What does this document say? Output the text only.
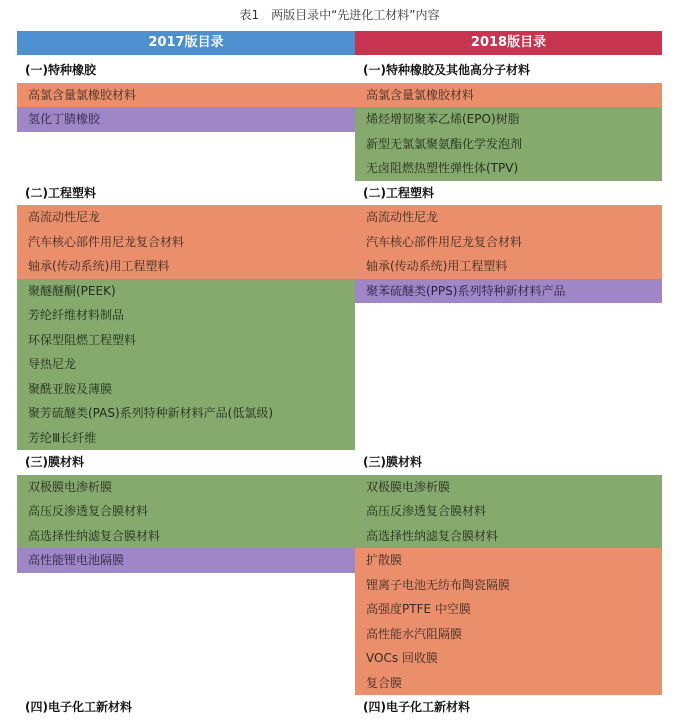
表1　两版目录中“先进化工材料”内容
2017版目录	2018版目录
(一)特种橡胶
高氯含量氯橡胶材料
氢化丁腈橡胶
(二)工程塑料
高流动性尼龙
汽车核心部件用尼龙复合材料
轴承(传动系统)用工程塑料
聚醚醚酮(PEEK)
芳纶纤维材料制品
环保型阻燃工程塑料
导热尼龙
聚酰亚胺及薄膜
聚芳硫醚类(PAS)系列特种新材料产品(低氯级)
芳纶Ⅲ长纤维
(三)膜材料
双极膜电渗析膜
高压反渗透复合膜材料
高选择性纳滤复合膜材料
高性能锂电池隔膜
(四)电子化工新材料
(一)特种橡胶及其他高分子材料
高氯含量氯橡胶材料
烯烃增韧聚苯乙烯(EPO)树脂
新型无氯氯聚氨酯化学发泡剂
无卤阻燃热塑性弹性体(TPV)
(二)工程塑料
高流动性尼龙
汽车核心部件用尼龙复合材料
轴承(传动系统)用工程塑料
聚苯硫醚类(PPS)系列特种新材料产品
(三)膜材料
双极膜电渗析膜
高压反渗透复合膜材料
高选择性纳滤复合膜材料
扩散膜
锂离子电池无纺布陶瓷隔膜
高强度PTFE 中空膜
高性能水汽阻隔膜
VOCs 回收膜
复合膜
(四)电子化工新材料
